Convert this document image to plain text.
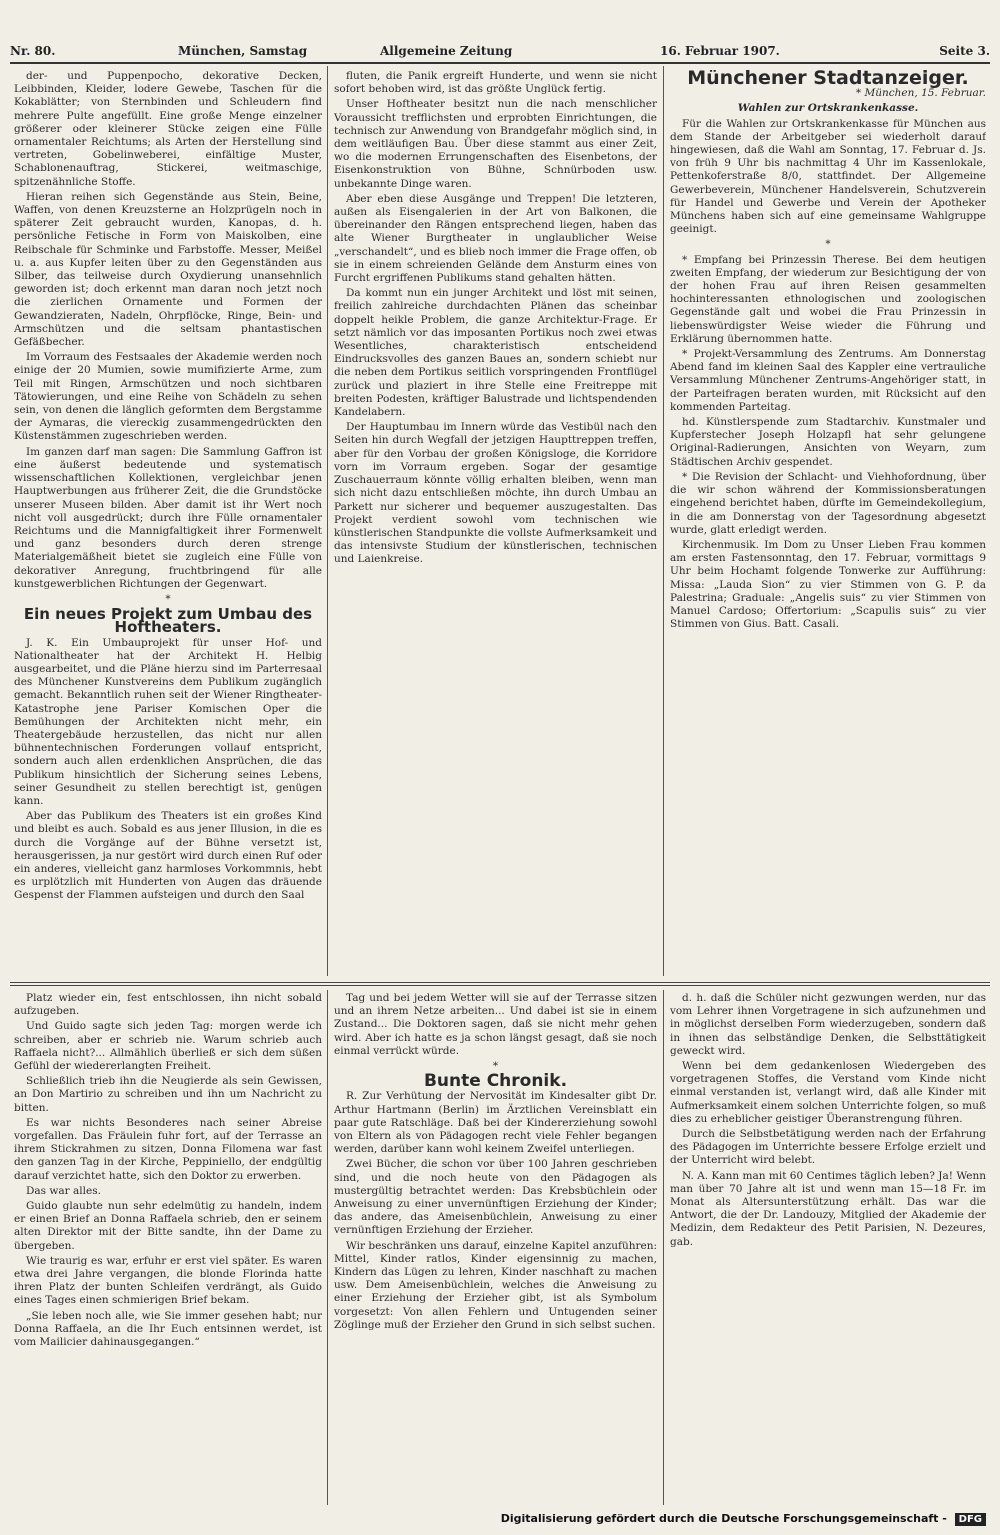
Nr. 80.	München, Samstag	Allgemeine Zeitung	16. Februar 1907.	Seite 3.

der- und Puppenpocho, dekorative Decken, Leibbinden, Kleider, lodere Gewebe, Taschen für die Kokablätter; von Sternbinden und Schleudern find mehrere Pulte angefüllt. Eine große Menge einzelner größerer oder kleinerer Stücke zeigen eine Fülle ornamentaler Reichtums; als Arten der Herstellung sind vertreten, Gobelinweberei, einfältige Muster, Schablonenauftrag, Stickerei, weitmaschige, spitzenähnliche Stoffe.

Hieran reihen sich Gegenstände aus Stein, Beine, Waffen, von denen Kreuzsterne an Holzprügeln noch in späterer Zeit gebraucht wurden, Kanopas, d. h. persönliche Fetische in Form von Maiskolben, eine Reibschale für Schminke und Farbstoffe. Messer, Meißel u. a. aus Kupfer leiten über zu den Gegenständen aus Silber, das teilweise durch Oxydierung unansehnlich geworden ist; doch erkennt man daran noch jetzt noch die zierlichen Ornamente und Formen der Gewandzieraten, Nadeln, Ohrpflöcke, Ringe, Bein- und Armschützen und die seltsam phantastischen Gefäßbecher.

Im Vorraum des Festsaales der Akademie werden noch einige der 20 Mumien, sowie mumifizierte Arme, zum Teil mit Ringen, Armschützen und noch sichtbaren Tätowierungen, und eine Reihe von Schädeln zu sehen sein, von denen die länglich geformten dem Bergstamme der Aymaras, die viereckig zusammengedrückten den Küstenstämmen zugeschrieben werden.

Im ganzen darf man sagen: Die Sammlung Gaffron ist eine äußerst bedeutende und systematisch wissenschaftlichen Kollektionen, vergleichbar jenen Hauptwerbungen aus früherer Zeit, die die Grundstöcke unserer Museen bilden. Aber damit ist ihr Wert noch nicht voll ausgedrückt; durch ihre Fülle ornamentaler Reichtums und die Mannigfaltigkeit ihrer Formenwelt und ganz besonders durch deren strenge Materialgemäßheit bietet sie zugleich eine Fülle von dekorativer Anregung, fruchtbringend für alle kunstgewerblichen Richtungen der Gegenwart.

*

Ein neues Projekt zum Umbau des Hoftheaters.

J. K. Ein Umbauprojekt für unser Hof- und Nationaltheater hat der Architekt H. Helbig ausgearbeitet, und die Pläne hierzu sind im Parterresaal des Münchener Kunstvereins dem Publikum zugänglich gemacht. Bekanntlich ruhen seit der Wiener Ringtheater-Katastrophe jene Pariser Komischen Oper die Bemühungen der Architekten nicht mehr, ein Theatergebäude herzustellen, das nicht nur allen bühnentechnischen Forderungen vollauf entspricht, sondern auch allen erdenklichen Ansprüchen, die das Publikum hinsichtlich der Sicherung seines Lebens, seiner Gesundheit zu stellen berechtigt ist, genügen kann.

Aber das Publikum des Theaters ist ein großes Kind und bleibt es auch. Sobald es aus jener Illusion, in die es durch die Vorgänge auf der Bühne versetzt ist, herausgerissen, ja nur gestört wird durch einen Ruf oder ein anderes, vielleicht ganz harmloses Vorkommnis, hebt es urplötzlich mit Hunderten von Augen das dräuende Gespenst der Flammen aufsteigen und durch den Saal

fluten, die Panik ergreift Hunderte, und wenn sie nicht sofort behoben wird, ist das größte Unglück fertig.

Unser Hoftheater besitzt nun die nach menschlicher Voraussicht trefflichsten und erprobten Einrichtungen, die technisch zur Anwendung von Brandgefahr möglich sind, in dem weitläufigen Bau. Über diese stammt aus einer Zeit, wo die modernen Errungenschaften des Eisenbetons, der Eisenkonstruktion von Bühne, Schnürboden usw. unbekannte Dinge waren.

Aber eben diese Ausgänge und Treppen! Die letzteren, außen als Eisengalerien in der Art von Balkonen, die übereinander den Rängen entsprechend liegen, haben das alte Wiener Burgtheater in unglaublicher Weise „verschandelt“, und es blieb noch immer die Frage offen, ob sie in einem schreienden Gelände dem Ansturm eines von Furcht ergriffenen Publikums stand gehalten hätten.

Da kommt nun ein junger Architekt und löst mit seinen, freilich zahlreiche durchdachten Plänen das scheinbar doppelt heikle Problem, die ganze Architektur-Frage. Er setzt nämlich vor das imposanten Portikus noch zwei etwas Wesentliches, charakteristisch entscheidend Eindrucksvolles des ganzen Baues an, sondern schiebt nur die neben dem Portikus seitlich vorspringenden Frontflügel zurück und plaziert in ihre Stelle eine Freitreppe mit breiten Podesten, kräftiger Balustrade und lichtspendenden Kandelabern.

Der Hauptumbau im Innern würde das Vestibül nach den Seiten hin durch Wegfall der jetzigen Haupttreppen treffen, aber für den Vorbau der großen Königsloge, die Korridore vorn im Vorraum ergeben. Sogar der gesamtige Zuschauerraum könnte völlig erhalten bleiben, wenn man sich nicht dazu entschließen möchte, ihn durch Umbau an Parkett nur sicherer und bequemer auszugestalten. Das Projekt verdient sowohl vom technischen wie künstlerischen Standpunkte die vollste Aufmerksamkeit und das intensivste Studium der künstlerischen, technischen und Laienkreise.

Münchener Stadtanzeiger.

* München, 15. Februar.

Wahlen zur Ortskrankenkasse.

Für die Wahlen zur Ortskrankenkasse für München aus dem Stande der Arbeitgeber sei wiederholt darauf hingewiesen, daß die Wahl am Sonntag, 17. Februar d. Js. von früh 9 Uhr bis nachmittag 4 Uhr im Kassenlokale, Pettenkoferstraße 8/0, stattfindet. Der Allgemeine Gewerbeverein, Münchener Handelsverein, Schutzverein für Handel und Gewerbe und Verein der Apotheker Münchens haben sich auf eine gemeinsame Wahlgruppe geeinigt.

*

* Empfang bei Prinzessin Therese. Bei dem heutigen zweiten Empfang, der wiederum zur Besichtigung der von der hohen Frau auf ihren Reisen gesammelten hochinteressanten ethnologischen und zoologischen Gegenstände galt und wobei die Frau Prinzessin in liebenswürdigster Weise wieder die Führung und Erklärung übernommen hatte.

* Projekt-Versammlung des Zentrums. Am Donnerstag Abend fand im kleinen Saal des Kappler eine vertrauliche Versammlung Münchener Zentrums-Angehöriger statt, in der Parteifragen beraten wurden, mit Rücksicht auf den kommenden Parteitag.

hd. Künstlerspende zum Stadtarchiv. Kunstmaler und Kupferstecher Joseph Holzapfl hat sehr gelungene Original-Radierungen, Ansichten von Weyarn, zum Städtischen Archiv gespendet.

* Die Revision der Schlacht- und Viehhofordnung, über die wir schon während der Kommissionsberatungen eingehend berichtet haben, dürfte im Gemeindekollegium, in die am Donnerstag von der Tagesordnung abgesetzt wurde, glatt erledigt werden.

Kirchenmusik. Im Dom zu Unser Lieben Frau kommen am ersten Fastensonntag, den 17. Februar, vormittags 9 Uhr beim Hochamt folgende Tonwerke zur Aufführung: Missa: „Lauda Sion“ zu vier Stimmen von G. P. da Palestrina; Graduale: „Angelis suis“ zu vier Stimmen von Manuel Cardoso; Offertorium: „Scapulis suis“ zu vier Stimmen von Gius. Batt. Casali.

Platz wieder ein, fest entschlossen, ihn nicht sobald aufzugeben.

Und Guido sagte sich jeden Tag: morgen werde ich schreiben, aber er schrieb nie. Warum schrieb auch Raffaela nicht?... Allmählich überließ er sich dem süßen Gefühl der wiedererlangten Freiheit.

Schließlich trieb ihn die Neugierde als sein Gewissen, an Don Martirio zu schreiben und ihn um Nachricht zu bitten.

Es war nichts Besonderes nach seiner Abreise vorgefallen. Das Fräulein fuhr fort, auf der Terrasse an ihrem Stickrahmen zu sitzen, Donna Filomena war fast den ganzen Tag in der Kirche, Peppiniello, der endgültig darauf verzichtet hatte, sich den Doktor zu erwerben.

Das war alles.

Guido glaubte nun sehr edelmütig zu handeln, indem er einen Brief an Donna Raffaela schrieb, den er seinem alten Direktor mit der Bitte sandte, ihn der Dame zu übergeben.

Wie traurig es war, erfuhr er erst viel später. Es waren etwa drei Jahre vergangen, die blonde Florinda hatte ihren Platz der bunten Schleifen verdrängt, als Guido eines Tages einen schmierigen Brief bekam.

„Sie leben noch alle, wie Sie immer gesehen habt; nur Donna Raffaela, an die Ihr Euch entsinnen werdet, ist vom Mailicier dahinausgegangen.“

Tag und bei jedem Wetter will sie auf der Terrasse sitzen und an ihrem Netze arbeiten... Und dabei ist sie in einem Zustand... Die Doktoren sagen, daß sie nicht mehr gehen wird. Aber ich hatte es ja schon längst gesagt, daß sie noch einmal verrückt würde.

*

Bunte Chronik.

R. Zur Verhütung der Nervosität im Kindesalter gibt Dr. Arthur Hartmann (Berlin) im Ärztlichen Vereinsblatt ein paar gute Ratschläge. Daß bei der Kindererziehung sowohl von Eltern als von Pädagogen recht viele Fehler begangen werden, darüber kann wohl keinem Zweifel unterliegen.

Zwei Bücher, die schon vor über 100 Jahren geschrieben sind, und die noch heute von den Pädagogen als mustergültig betrachtet werden: Das Krebsbüchlein oder Anweisung zu einer unvernünftigen Erziehung der Kinder; das andere, das Ameisenbüchlein, Anweisung zu einer vernünftigen Erziehung der Erzieher.

Wir beschränken uns darauf, einzelne Kapitel anzuführen: Mittel, Kinder ratlos, Kinder eigensinnig zu machen, Kindern das Lügen zu lehren, Kinder naschhaft zu machen usw. Dem Ameisenbüchlein, welches die Anweisung zu einer Erziehung der Erzieher gibt, ist als Symbolum vorgesetzt: Von allen Fehlern und Untugenden seiner Zöglinge muß der Erzieher den Grund in sich selbst suchen.

d. h. daß die Schüler nicht gezwungen werden, nur das vom Lehrer ihnen Vorgetragene in sich aufzunehmen und in möglichst derselben Form wiederzugeben, sondern daß in ihnen das selbständige Denken, die Selbsttätigkeit geweckt wird.

Wenn bei dem gedankenlosen Wiedergeben des vorgetragenen Stoffes, die Verstand vom Kinde nicht einmal verstanden ist, verlangt wird, daß alle Kinder mit Aufmerksamkeit einem solchen Unterrichte folgen, so muß dies zu erheblicher geistiger Überanstrengung führen.

Durch die Selbstbetätigung werden nach der Erfahrung des Pädagogen im Unterrichte bessere Erfolge erzielt und der Unterricht wird belebt.

N. A. Kann man mit 60 Centimes täglich leben? Ja! Wenn man über 70 Jahre alt ist und wenn man 15—18 Fr. im Monat als Altersunterstützung erhält. Das war die Antwort, die der Dr. Landouzy, Mitglied der Akademie der Medizin, dem Redakteur des Petit Parisien, N. Dezeures, gab.

Digitalisierung gefördert durch die Deutsche Forschungsgemeinschaft - DFG
